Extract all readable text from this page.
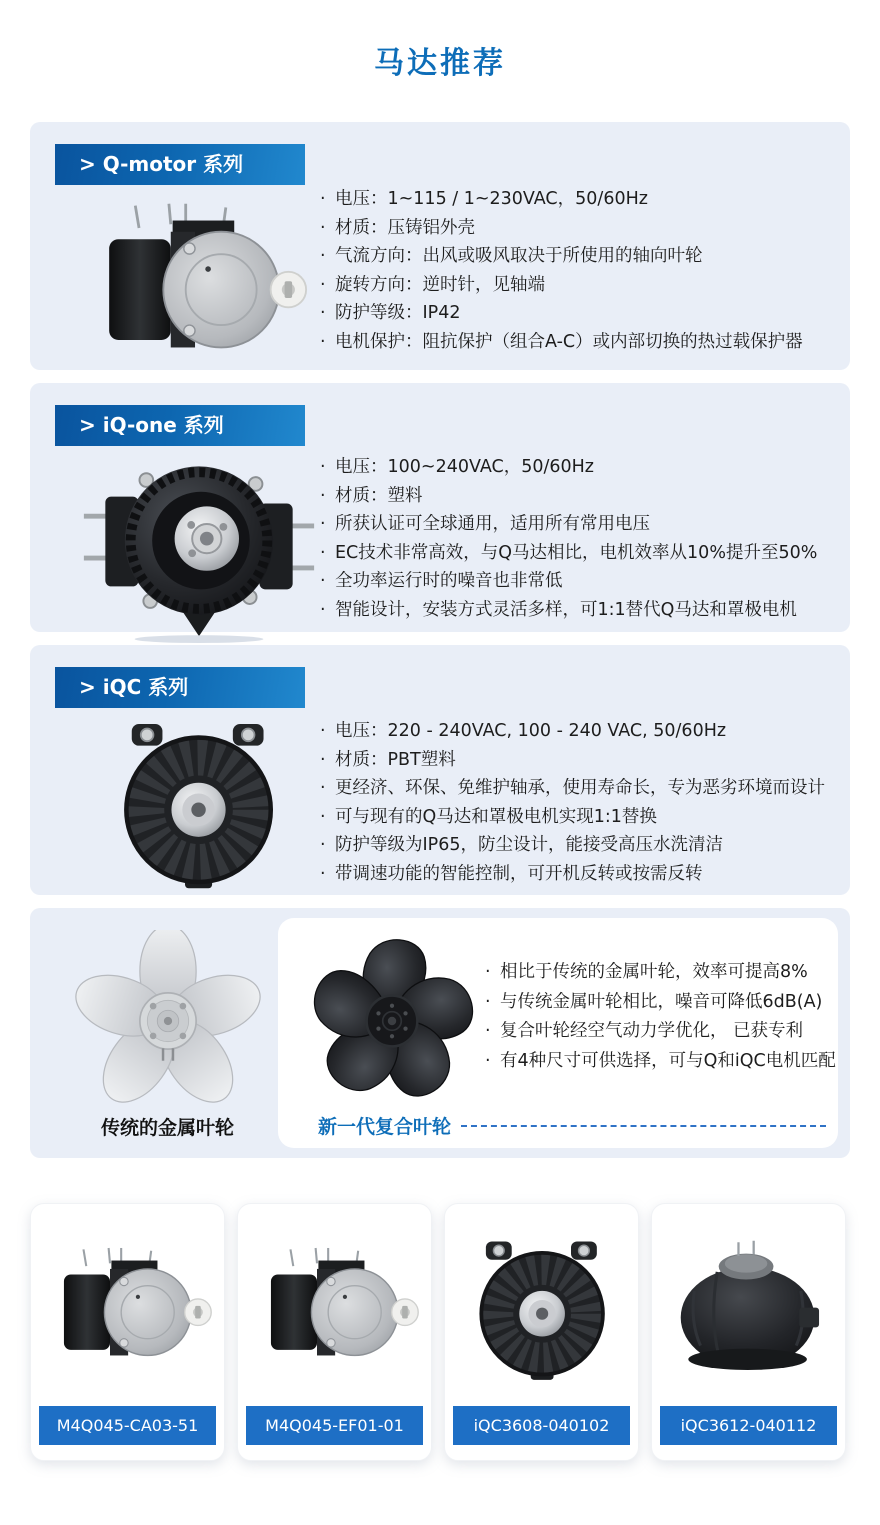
马达推荐
> Q-motor 系列
· 电压：1~115 / 1~230VAC，50/60Hz
· 材质：压铸铝外壳
· 气流方向：出风或吸风取决于所使用的轴向叶轮
· 旋转方向：逆时针，见轴端
· 防护等级：IP42
· 电机保护：阻抗保护（组合A-C）或内部切换的热过载保护器
> iQ-one 系列
· 电压：100~240VAC，50/60Hz
· 材质：塑料
· 所获认证可全球通用，适用所有常用电压
· EC技术非常高效，与Q马达相比，电机效率从10%提升至50%
· 全功率运行时的噪音也非常低
· 智能设计，安装方式灵活多样，可1:1替代Q马达和罩极电机
> iQC 系列
· 电压：220 - 240VAC, 100 - 240 VAC, 50/60Hz
· 材质：PBT塑料
· 更经济、环保、免维护轴承，使用寿命长，专为恶劣环境而设计
· 可与现有的Q马达和罩极电机实现1:1替换
· 防护等级为IP65，防尘设计，能接受高压水洗清洁
· 带调速功能的智能控制，可开机反转或按需反转
传统的金属叶轮
· 相比于传统的金属叶轮，效率可提高8%
· 与传统金属叶轮相比，噪音可降低6dB(A)
· 复合叶轮经空气动力学优化， 已获专利
· 有4种尺寸可供选择，可与Q和iQC电机匹配
新一代复合叶轮
M4Q045-CA03-51	M4Q045-EF01-01	iQC3608-040102	iQC3612-040112
